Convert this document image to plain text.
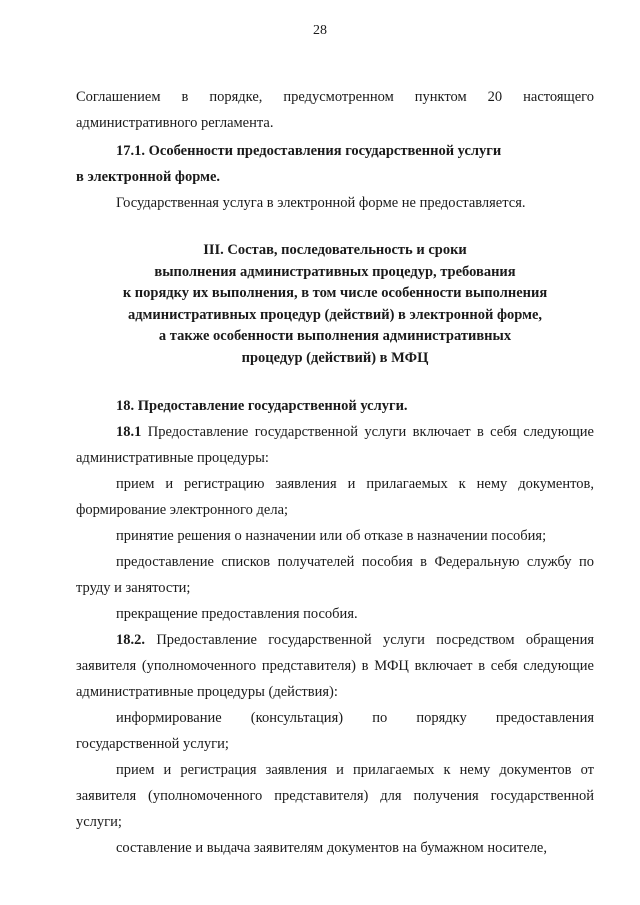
28

Соглашением в порядке, предусмотренном пунктом 20 настоящего административного регламента.

17.1. Особенности предоставления государственной услуги

в электронной форме.

Государственная услуга в электронной форме не предоставляется.

III. Состав, последовательность и сроки
выполнения административных процедур, требования
к порядку их выполнения, в том числе особенности выполнения
административных процедур (действий) в электронной форме,
а также особенности выполнения административных
процедур (действий) в МФЦ

18. Предоставление государственной услуги.

18.1 Предоставление государственной услуги включает в себя следующие административные процедуры:

прием и регистрацию заявления и прилагаемых к нему документов, формирование электронного дела;

принятие решения о назначении или об отказе в назначении пособия;

предоставление списков получателей пособия в Федеральную службу по труду и занятости;

прекращение предоставления пособия.

18.2. Предоставление государственной услуги посредством обращения заявителя (уполномоченного представителя) в МФЦ включает в себя следующие административные процедуры (действия):

информирование (консультация) по порядку предоставления государственной услуги;

прием и регистрация заявления и прилагаемых к нему документов от заявителя (уполномоченного представителя) для получения государственной услуги;

составление и выдача заявителям документов на бумажном носителе,
